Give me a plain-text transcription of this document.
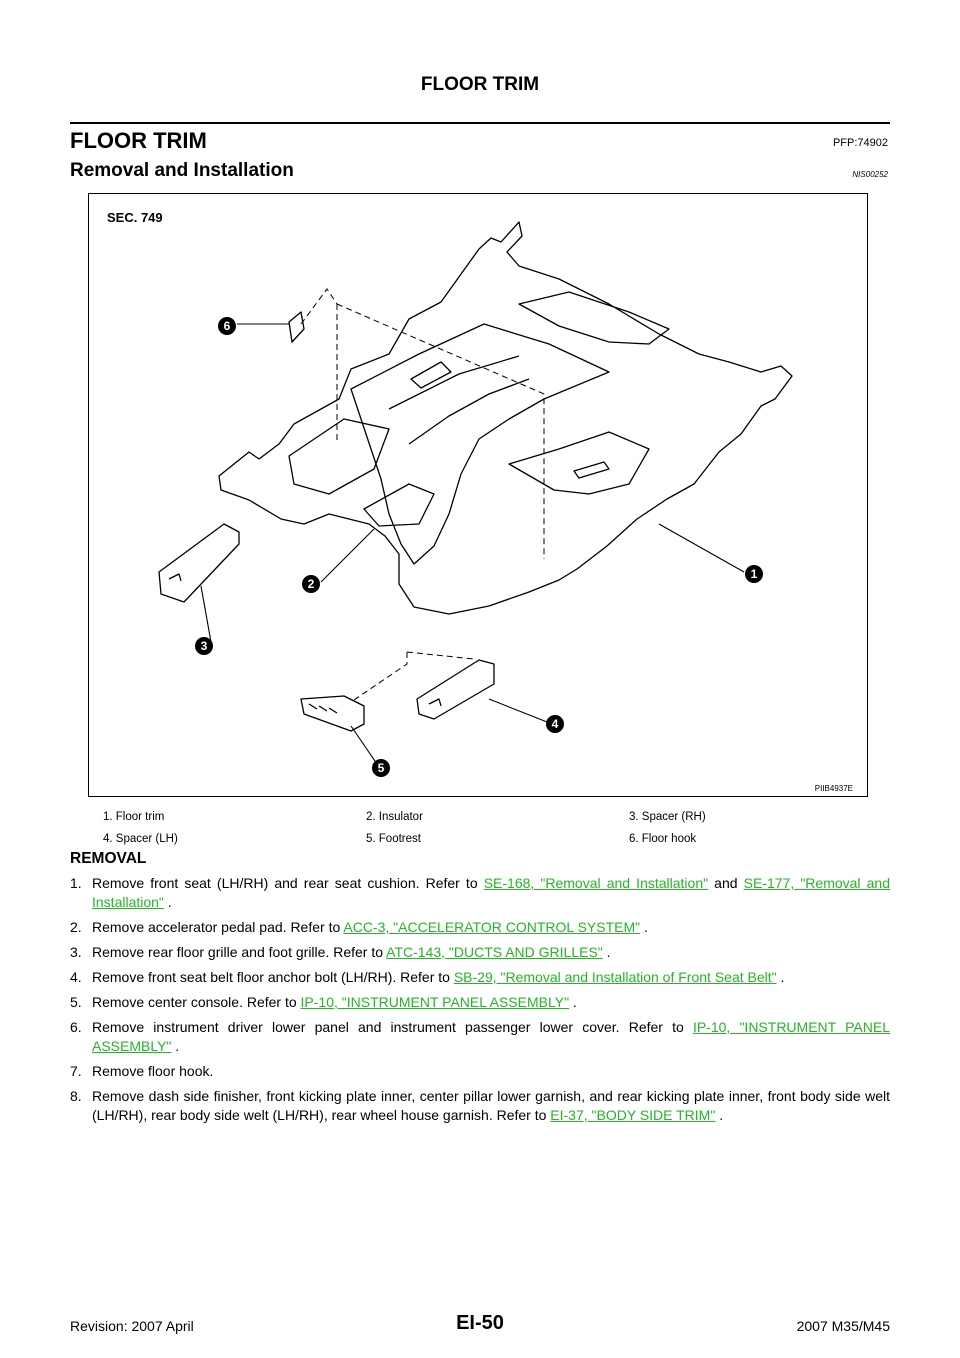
FLOOR TRIM
FLOOR TRIM	PFP:74902
Removal and Installation	NIS00252
SEC. 749
1
2
3
4
5
6
PIIB4937E
1. Floor trim	2. Insulator	3. Spacer (RH)
4. Spacer (LH)	5. Footrest	6. Floor hook
REMOVAL
1. Remove front seat (LH/RH) and rear seat cushion. Refer to SE-168, "Removal and Installation" and SE-177, "Removal and Installation" .
2. Remove accelerator pedal pad. Refer to ACC-3, "ACCELERATOR CONTROL SYSTEM" .
3. Remove rear floor grille and foot grille. Refer to ATC-143, "DUCTS AND GRILLES" .
4. Remove front seat belt floor anchor bolt (LH/RH). Refer to SB-29, "Removal and Installation of Front Seat Belt" .
5. Remove center console. Refer to IP-10, "INSTRUMENT PANEL ASSEMBLY" .
6. Remove instrument driver lower panel and instrument passenger lower cover. Refer to IP-10, "INSTRUMENT PANEL ASSEMBLY" .
7. Remove floor hook.
8. Remove dash side finisher, front kicking plate inner, center pillar lower garnish, and rear kicking plate inner, front body side welt (LH/RH), rear body side welt (LH/RH), rear wheel house garnish. Refer to EI-37, "BODY SIDE TRIM" .
Revision: 2007 April	EI-50	2007 M35/M45
